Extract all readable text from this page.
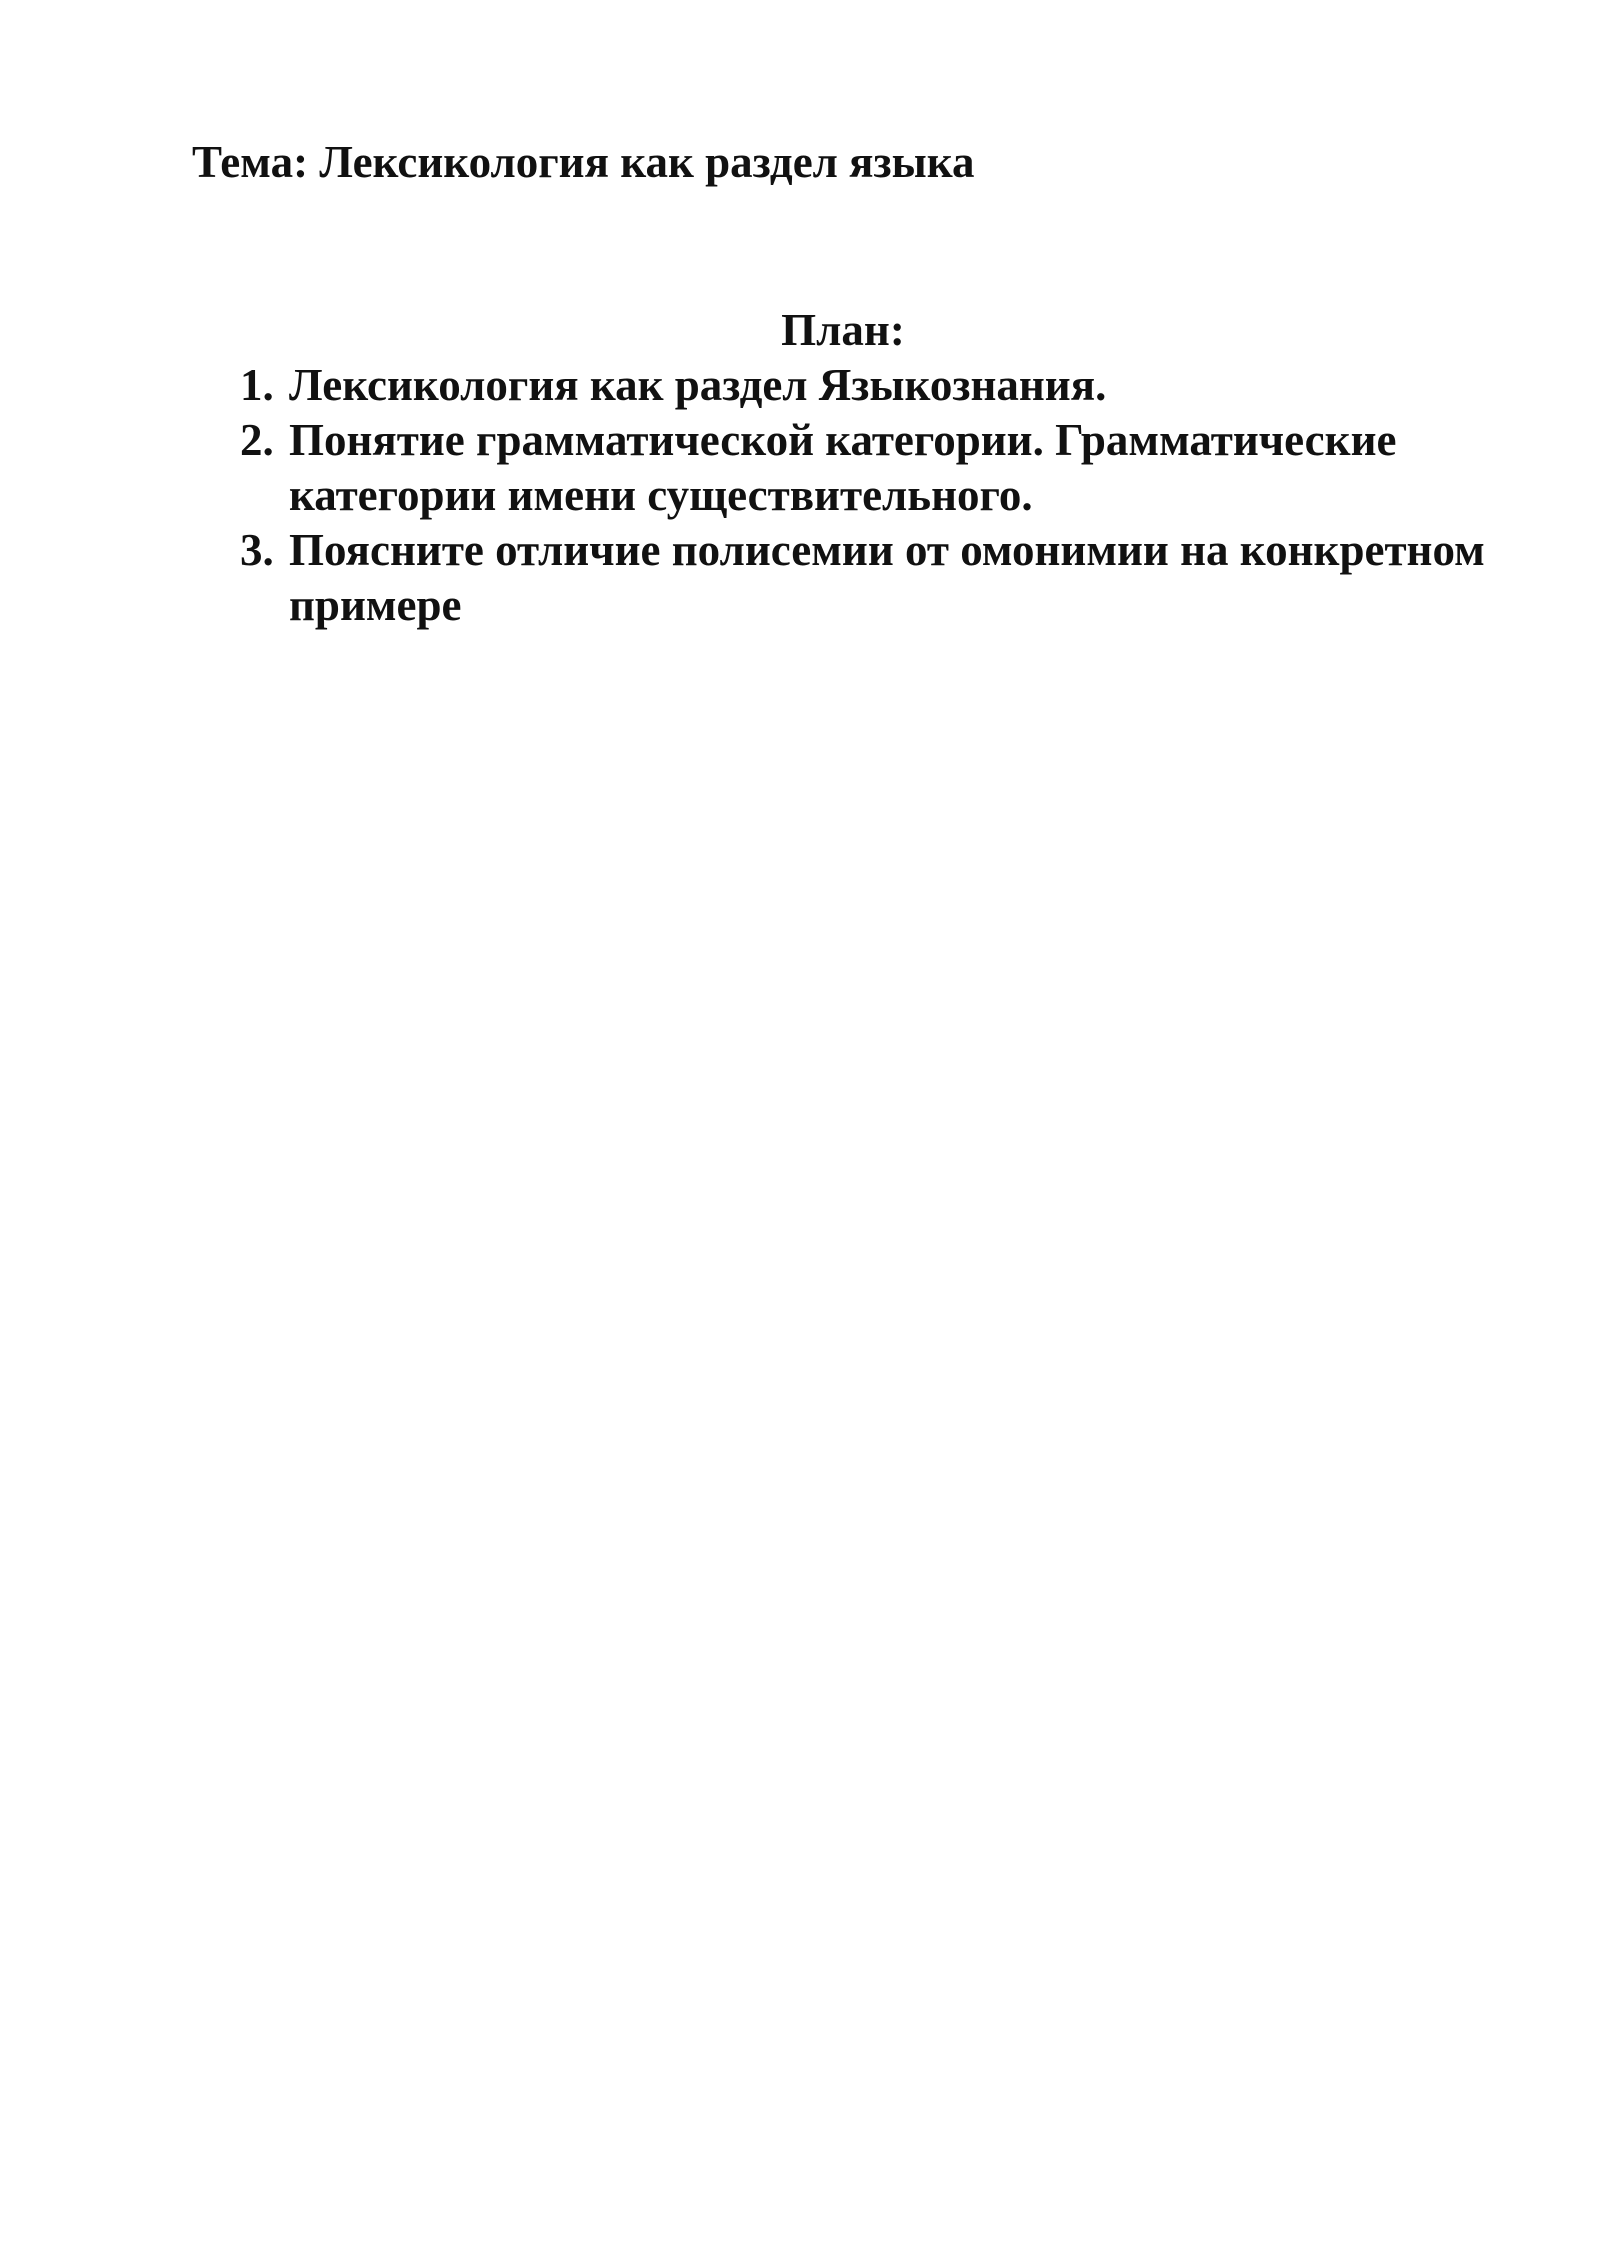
Тема: Лексикология как раздел языка
План:
1. Лексикология как раздел Языкознания.
2. Понятие грамматической категории. Грамматические категории имени существительного.
3. Поясните отличие полисемии от омонимии на конкретном примере
